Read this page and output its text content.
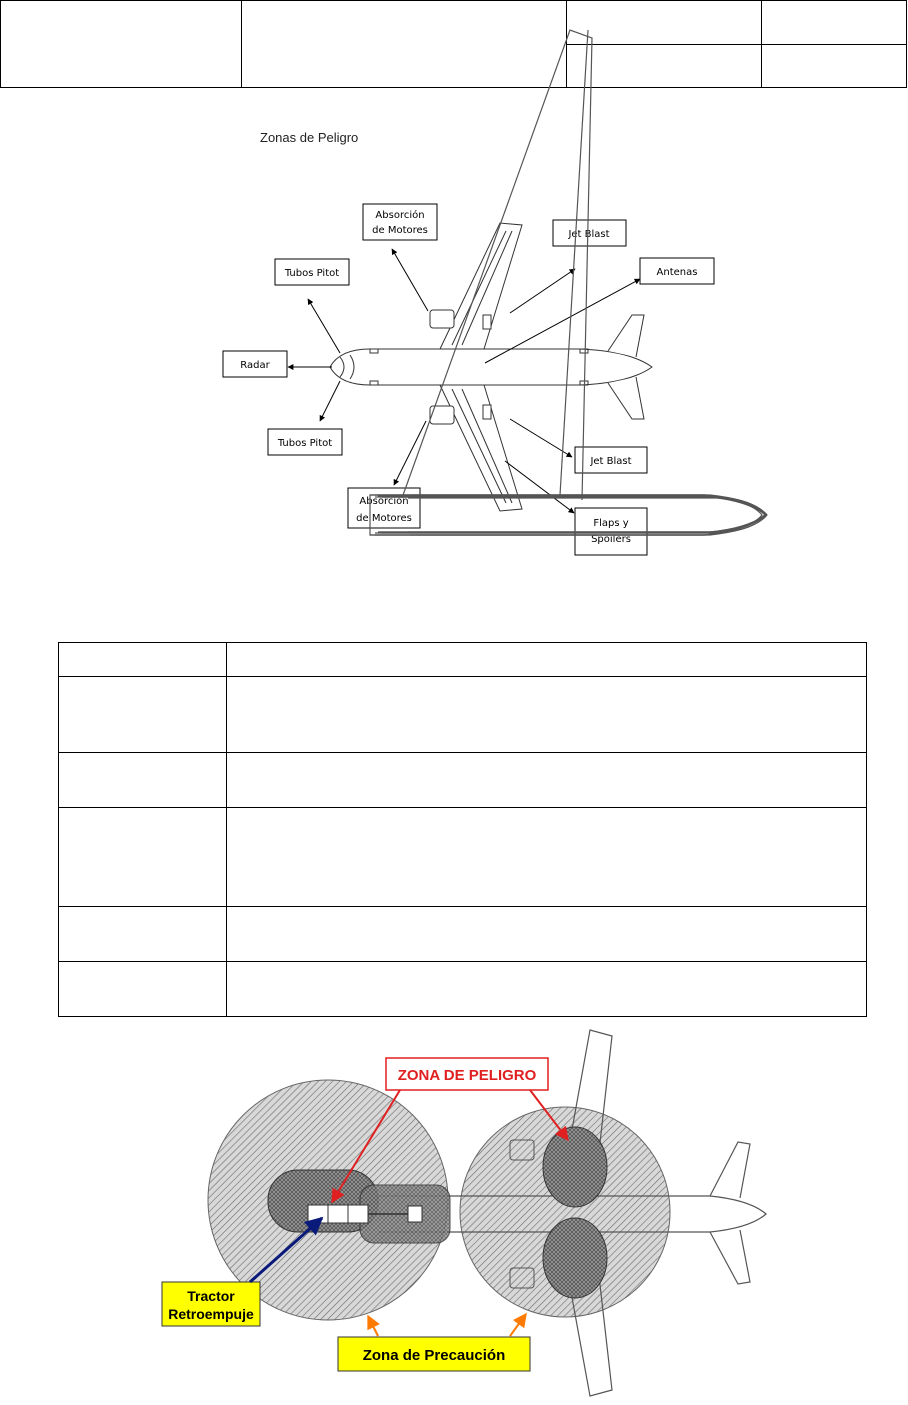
Zonas de Peligro
Absorción
de Motores	Jet Blast
Antenas
Tubos Pitot
Radar
Tubos Pitot
Jet Blast
Absorción
de Motores	Flaps y
Spoilers

ZONA DE PELIGRO
Tractor
Retroempuje
Zona de Precaución
